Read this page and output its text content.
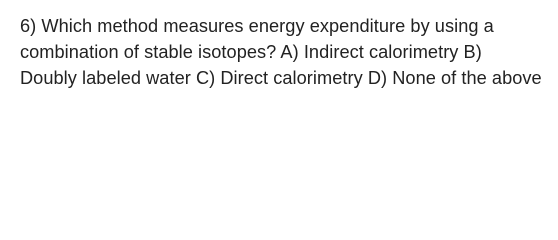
6) Which method measures energy expenditure by using a combination of stable isotopes? A) Indirect calorimetry B) Doubly labeled water C) Direct calorimetry D) None of the above
